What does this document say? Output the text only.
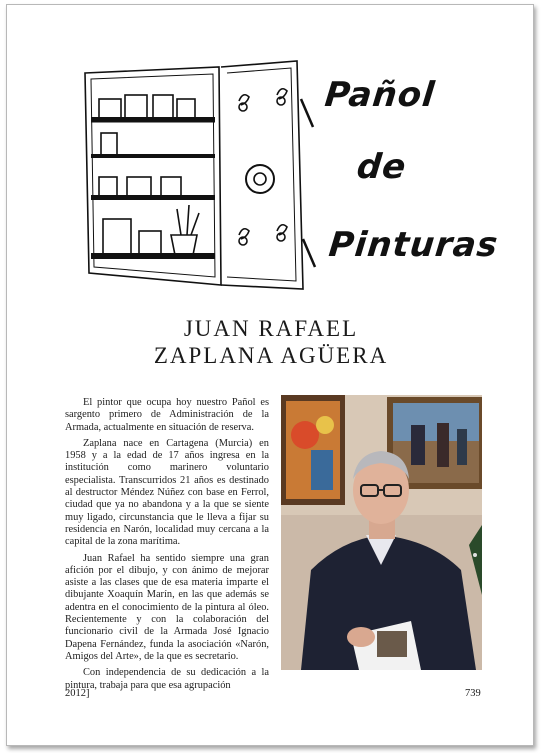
Pañol
de
Pinturas
JUAN RAFAEL
ZAPLANA AGÜERA

El pintor que ocupa hoy nuestro Pañol es sargento primero de Administración de la Armada, actualmente en situación de reserva.

Zaplana nace en Cartagena (Murcia) en 1958 y a la edad de 17 años ingresa en la institución como marinero voluntario especialista. Transcurridos 21 años es destinado al destructor Méndez Núñez con base en Ferrol, ciudad que ya no abandona y a la que se siente muy ligado, circunstancia que le lleva a fijar su residencia en Narón, localidad muy cercana a la capital de la zona marítima.

Juan Rafael ha sentido siempre una gran afición por el dibujo, y con ánimo de mejorar asiste a las clases que de esa materia imparte el dibujante Xoaquín Marín, en las que además se adentra en el conocimiento de la pintura al óleo. Recientemente y con la colaboración del funcionario civil de la Armada José Ignacio Dapena Fernández, funda la asociación «Narón, Amigos del Arte», de la que es secretario.

Con independencia de su dedicación a la pintura, trabaja para que esa agrupación

2012]	739
